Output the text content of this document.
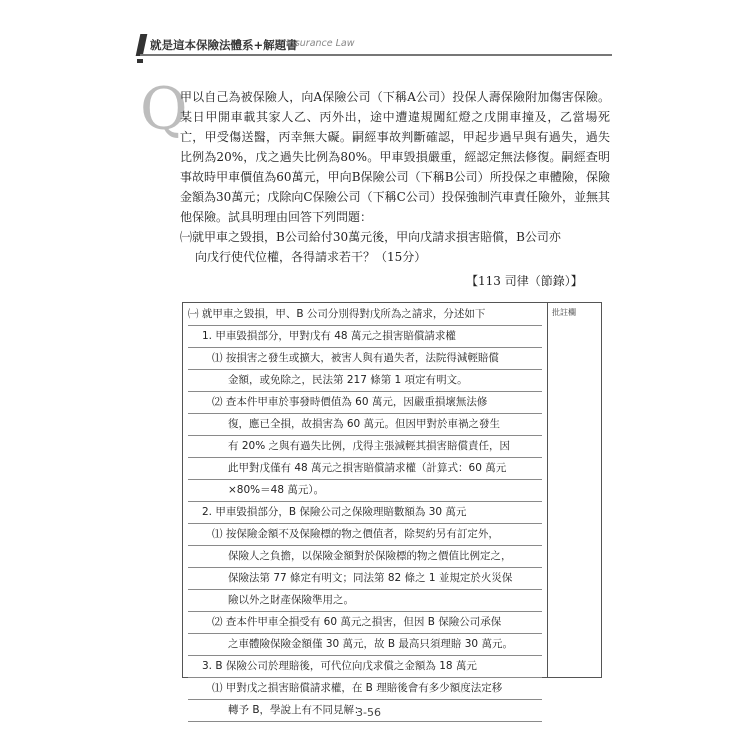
就是這本保險法體系+解題書
Insurance Law
Q

甲以自己為被保險人，向A保險公司（下稱A公司）投保人壽保險附加傷害保險。某日甲開車載其家人乙、丙外出，途中遭違規闖紅燈之戊開車撞及，乙當場死亡，甲受傷送醫，丙幸無大礙。嗣經事故判斷確認，甲起步過早與有過失，過失比例為20%，戊之過失比例為80%。甲車毀損嚴重，經認定無法修復。嗣經查明事故時甲車價值為60萬元，甲向B保險公司（下稱B公司）所投保之車體險，保險金額為30萬元；戊除向C保險公司（下稱C公司）投保強制汽車責任險外，並無其他保險。試具明理由回答下列問題：

㈠就甲車之毀損，B公司給付30萬元後，甲向戊請求損害賠償，B公司亦
向戊行使代位權，各得請求若干？（15分）

【113 司律（節錄）】
批註欄
㈠ 就甲車之毀損，甲、B 公司分別得對戊所為之請求，分述如下
1. 甲車毀損部分，甲對戊有 48 萬元之損害賠償請求權
⑴ 按損害之發生或擴大，被害人與有過失者，法院得減輕賠償
金額，或免除之，民法第 217 條第 1 項定有明文。
⑵ 查本件甲車於事發時價值為 60 萬元，因嚴重損壞無法修
復，應已全損，故損害為 60 萬元。但因甲對於車禍之發生
有 20% 之與有過失比例，戊得主張減輕其損害賠償責任，因
此甲對戊僅有 48 萬元之損害賠償請求權（計算式：60 萬元
×80%＝48 萬元）。
2. 甲車毀損部分，B 保險公司之保險理賠數額為 30 萬元
⑴ 按保險金額不及保險標的物之價值者，除契約另有訂定外，
保險人之負擔，以保險金額對於保險標的物之價值比例定之，
保險法第 77 條定有明文；同法第 82 條之 1 並規定於火災保
險以外之財產保險準用之。
⑵ 查本件甲車全損受有 60 萬元之損害，但因 B 保險公司承保
之車體險保險金額僅 30 萬元，故 B 最高只須理賠 30 萬元。
3. B 保險公司於理賠後，可代位向戊求償之金額為 18 萬元
⑴ 甲對戊之損害賠償請求權，在 B 理賠後會有多少額度法定移
轉予 B，學說上有不同見解：
3-56
